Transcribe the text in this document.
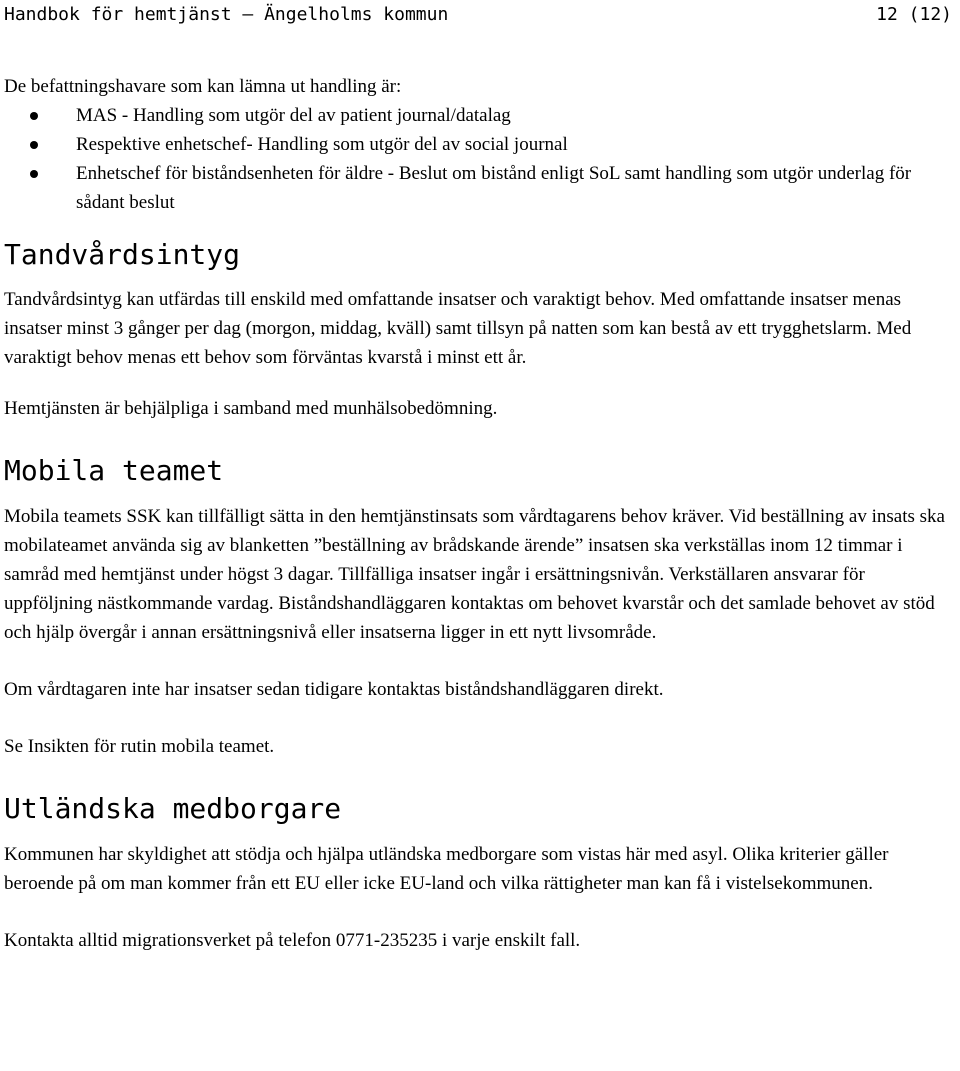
Handbok för hemtjänst – Ängelholms kommun	12 (12)

De befattningshavare som kan lämna ut handling är:

MAS - Handling som utgör del av patient journal/datalag
Respektive enhetschef- Handling som utgör del av social journal
Enhetschef för biståndsenheten för äldre - Beslut om bistånd enligt SoL samt handling som utgör underlag för sådant beslut
Tandvårdsintyg

Tandvårdsintyg kan utfärdas till enskild med omfattande insatser och varaktigt behov. Med omfattande insatser menas insatser minst 3 gånger per dag (morgon, middag, kväll) samt tillsyn på natten som kan bestå av ett trygghetslarm. Med varaktigt behov menas ett behov som förväntas kvarstå i minst ett år.

Hemtjänsten är behjälpliga i samband med munhälsobedömning.

Mobila teamet

Mobila teamets SSK kan tillfälligt sätta in den hemtjänstinsats som vårdtagarens behov kräver. Vid beställning av insats ska mobilateamet använda sig av blanketten ”beställning av brådskande ärende” insatsen ska verkställas inom 12 timmar i samråd med hemtjänst under högst 3 dagar. Tillfälliga insatser ingår i ersättningsnivån. Verkställaren ansvarar för uppföljning nästkommande vardag. Biståndshandläggaren kontaktas om behovet kvarstår och det samlade behovet av stöd och hjälp övergår i annan ersättningsnivå eller insatserna ligger in ett nytt livsområde.

Om vårdtagaren inte har insatser sedan tidigare kontaktas biståndshandläggaren direkt.

Se Insikten för rutin mobila teamet.

Utländska medborgare

Kommunen har skyldighet att stödja och hjälpa utländska medborgare som vistas här med asyl. Olika kriterier gäller beroende på om man kommer från ett EU eller icke EU-land och vilka rättigheter man kan få i vistelsekommunen.

Kontakta alltid migrationsverket på telefon 0771-235235 i varje enskilt fall.
